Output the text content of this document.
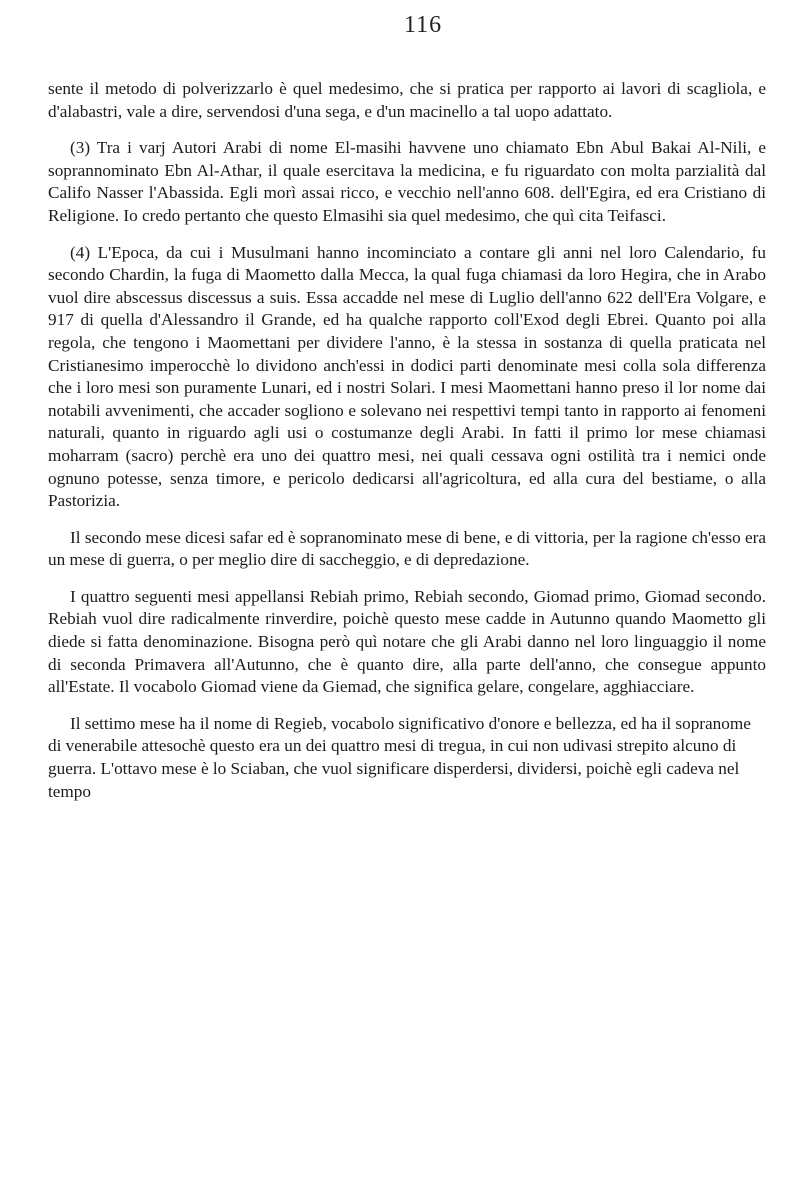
116

sente il metodo di polverizzarlo è quel medesimo, che si pratica per rapporto ai lavori di scagliola, e d'alabastri, vale a dire, servendosi d'una sega, e d'un macinello a tal uopo adattato.

(3) Tra i varj Autori Arabi di nome El-masihi havvene uno chiamato Ebn Abul Bakai Al-Nili, e soprannominato Ebn Al-Athar, il quale esercitava la medicina, e fu riguardato con molta parzialità dal Califo Nasser l'Abassida. Egli morì assai ricco, e vecchio nell'anno 608. dell'Egira, ed era Cristiano di Religione. Io credo pertanto che questo Elmasihi sia quel medesimo, che quì cita Teifasci.

(4) L'Epoca, da cui i Musulmani hanno incominciato a contare gli anni nel loro Calendario, fu secondo Chardin, la fuga di Maometto dalla Mecca, la qual fuga chiamasi da loro Hegira, che in Arabo vuol dire abscessus discessus a suis. Essa accadde nel mese di Luglio dell'anno 622 dell'Era Volgare, e 917 di quella d'Alessandro il Grande, ed ha qualche rapporto coll'Exod degli Ebrei. Quanto poi alla regola, che tengono i Maomettani per dividere l'anno, è la stessa in sostanza di quella praticata nel Cristianesimo imperocchè lo dividono anch'essi in dodici parti denominate mesi colla sola differenza che i loro mesi son puramente Lunari, ed i nostri Solari. I mesi Maomettani hanno preso il lor nome dai notabili avvenimenti, che accader sogliono e solevano nei respettivi tempi tanto in rapporto ai fenomeni naturali, quanto in riguardo agli usi o costumanze degli Arabi. In fatti il primo lor mese chiamasi moharram (sacro) perchè era uno dei quattro mesi, nei quali cessava ogni ostilità tra i nemici onde ognuno potesse, senza timore, e pericolo dedicarsi all'agricoltura, ed alla cura del bestiame, o alla Pastorizia.

Il secondo mese dicesi safar ed è sopranominato mese di bene, e di vittoria, per la ragione ch'esso era un mese di guerra, o per meglio dire di saccheggio, e di depredazione.

I quattro seguenti mesi appellansi Rebiah primo, Rebiah secondo, Giomad primo, Giomad secondo. Rebiah vuol dire radicalmente rinverdire, poichè questo mese cadde in Autunno quando Maometto gli diede si fatta denominazione. Bisogna però quì notare che gli Arabi danno nel loro linguaggio il nome di seconda Primavera all'Autunno, che è quanto dire, alla parte dell'anno, che consegue appunto all'Estate. Il vocabolo Giomad viene da Giemad, che significa gelare, congelare, agghiacciare.

Il settimo mese ha il nome di Regieb, vocabolo significativo d'onore e bellezza, ed ha il sopranome di venerabile attesochè questo era un dei quattro mesi di tregua, in cui non udivasi strepito alcuno di guerra. L'ottavo mese è lo Sciaban, che vuol significare disperdersi, dividersi, poichè egli cadeva nel tempo
